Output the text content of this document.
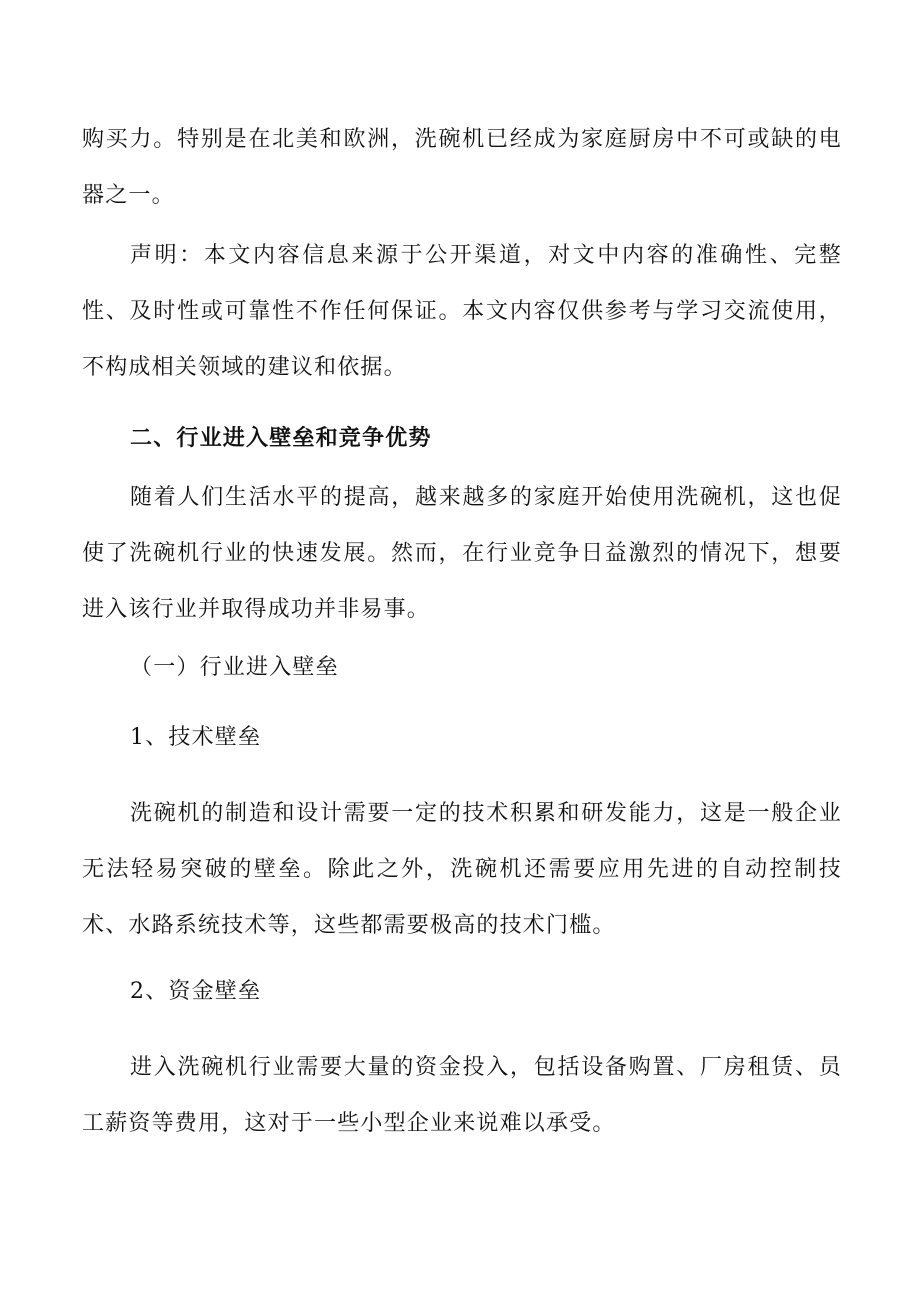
购买力。特别是在北美和欧洲，洗碗机已经成为家庭厨房中不可或缺的电器之一。

声明：本文内容信息来源于公开渠道，对文中内容的准确性、完整性、及时性或可靠性不作任何保证。本文内容仅供参考与学习交流使用，不构成相关领域的建议和依据。

二、行业进入壁垒和竞争优势

随着人们生活水平的提高，越来越多的家庭开始使用洗碗机，这也促使了洗碗机行业的快速发展。然而，在行业竞争日益激烈的情况下，想要进入该行业并取得成功并非易事。

（一）行业进入壁垒

1、技术壁垒

洗碗机的制造和设计需要一定的技术积累和研发能力，这是一般企业无法轻易突破的壁垒。除此之外，洗碗机还需要应用先进的自动控制技术、水路系统技术等，这些都需要极高的技术门槛。

2、资金壁垒

进入洗碗机行业需要大量的资金投入，包括设备购置、厂房租赁、员工薪资等费用，这对于一些小型企业来说难以承受。
